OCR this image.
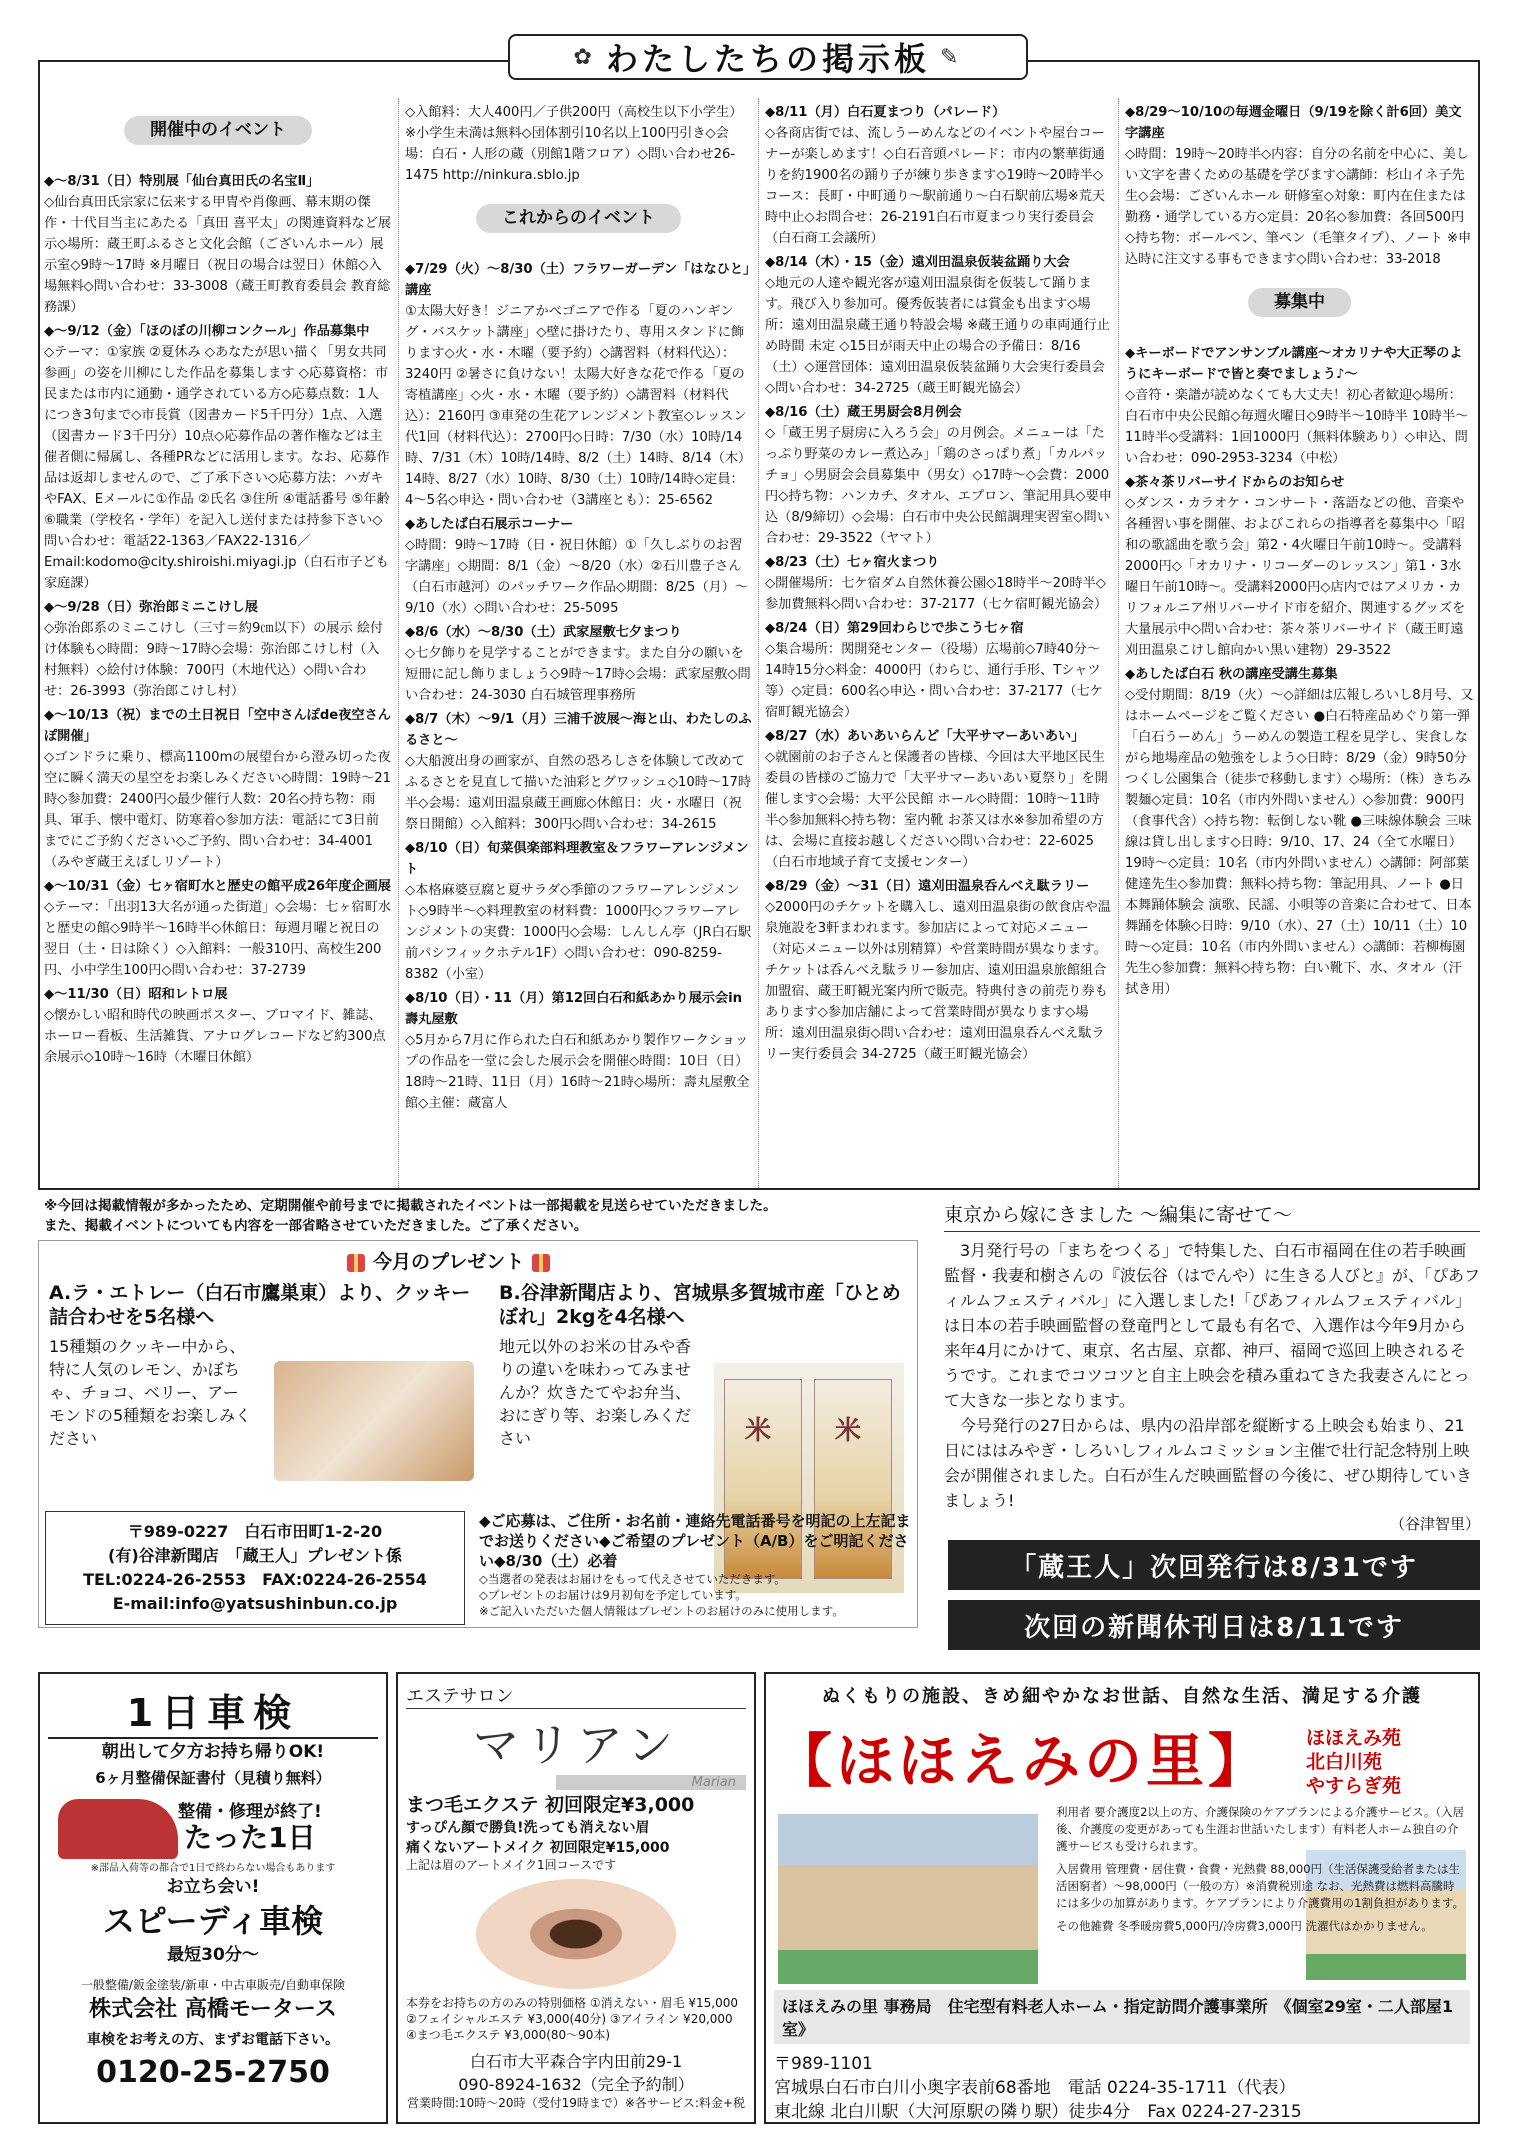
✿ わたしたちの掲示板 ✎
開催中のイベント
◆～8/31（日）特別展「仙台真田氏の名宝Ⅱ」
◇仙台真田氏宗家に伝来する甲冑や肖像画、幕末期の傑作・十代目当主にあたる「真田 喜平太」の関連資料など展示◇場所：蔵王町ふるさと文化会館（ございんホール）展示室◇9時～17時 ※月曜日（祝日の場合は翌日）休館◇入場無料◇問い合わせ：33-3008（蔵王町教育委員会 教育総務課）
◆～9/12（金）「ほのぼの川柳コンクール」作品募集中
◇テーマ：①家族 ②夏休み ◇あなたが思い描く「男女共同参画」の姿を川柳にした作品を募集します ◇応募資格：市民または市内に通勤・通学されている方◇応募点数：1人につき3句まで◇市長賞（図書カード5千円分）1点、入選（図書カード3千円分）10点◇応募作品の著作権などは主催者側に帰属し、各種PRなどに活用します。なお、応募作品は返却しませんので、ご了承下さい◇応募方法：ハガキやFAX、Eメールに①作品 ②氏名 ③住所 ④電話番号 ⑤年齢 ⑥職業（学校名・学年）を記入し送付または持参下さい◇問い合わせ：電話22-1363／FAX22-1316／Email:kodomo@city.shiroishi.miyagi.jp（白石市子ども家庭課）
◆～9/28（日）弥治郎ミニこけし展
◇弥治郎系のミニこけし（三寸＝約9㎝以下）の展示 絵付け体験も◇時間：9時～17時◇会場：弥治郎こけし村（入村無料）◇絵付け体験：700円（木地代込）◇問い合わせ：26-3993（弥治郎こけし村）
◆～10/13（祝）までの土日祝日「空中さんぽde夜空さんぽ開催」
◇ゴンドラに乗り、標高1100mの展望台から澄み切った夜空に瞬く満天の星空をお楽しみください◇時間：19時～21時◇参加費：2400円◇最少催行人数：20名◇持ち物：雨具、軍手、懐中電灯、防寒着◇参加方法：電話にて3日前までにご予約ください◇ご予約、問い合わせ：34-4001（みやぎ蔵王えぼしリゾート）
◆～10/31（金）七ヶ宿町水と歴史の館平成26年度企画展
◇テーマ：「出羽13大名が通った街道」◇会場：七ヶ宿町水と歴史の館◇9時半～16時半◇休館日：毎週月曜と祝日の翌日（土・日は除く）◇入館料：一般310円、高校生200円、小中学生100円◇問い合わせ：37-2739
◆～11/30（日）昭和レトロ展
◇懐かしい昭和時代の映画ポスター、ブロマイド、雑誌、ホーロー看板、生活雑貨、アナログレコードなど約300点余展示◇10時～16時（木曜日休館）
◇入館料：大人400円／子供200円（高校生以下小学生）※小学生未満は無料◇団体割引10名以上100円引き◇会場：白石・人形の蔵（別館1階フロア）◇問い合わせ26-1475 http://ninkura.sblo.jp
これからのイベント
◆7/29（火）～8/30（土）フラワーガーデン「はなひと」講座
①太陽大好き！ジニアかべゴニアで作る「夏のハンギング・バスケット講座」◇壁に掛けたり、専用スタンドに飾ります◇火・水・木曜（要予約）◇講習料（材料代込）：3240円 ②暑さに負けない！太陽大好きな花で作る「夏の寄植講座」◇火・水・木曜（要予約）◇講習料（材料代込）：2160円 ③車発の生花アレンジメント教室◇レッスン代1回（材料代込）：2700円◇日時：7/30（水）10時/14時、7/31（木）10時/14時、8/2（土）14時、8/14（木）14時、8/27（水）10時、8/30（土）10時/14時◇定員：4～5名◇申込・問い合わせ（3講座とも）：25-6562
◆あしたば白石展示コーナー
◇時間：9時～17時（日・祝日休館）①「久しぶりのお習字講座」◇期間：8/1（金）～8/20（水）②石川豊子さん（白石市越河）のパッチワーク作品◇期間：8/25（月）～9/10（水）◇問い合わせ：25-5095
◆8/6（水）～8/30（土）武家屋敷七夕まつり
◇七夕飾りを見学することができます。また自分の願いを短冊に記し飾りましょう◇9時～17時◇会場：武家屋敷◇問い合わせ：24-3030 白石城管理事務所
◆8/7（木）～9/1（月）三浦千波展～海と山、わたしのふるさと～
◇大船渡出身の画家が、自然の恐ろしさを体験して改めてふるさとを見直して描いた油彩とグワッシュ◇10時～17時半◇会場：遠刈田温泉蔵王画廊◇休館日：火・水曜日（祝祭日開館）◇入館料：300円◇問い合わせ：34-2615
◆8/10（日）旬菜倶楽部料理教室＆フラワーアレンジメント
◇本格麻婆豆腐と夏サラダ◇季節のフラワーアレンジメント◇9時半～◇料理教室の材料費：1000円◇フラワーアレンジメントの実費：1000円◇会場：しんしん亭（JR白石駅前パシフィックホテル1F）◇問い合わせ：090-8259-8382（小室）
◆8/10（日）・11（月）第12回白石和紙あかり展示会in壽丸屋敷
◇5月から7月に作られた白石和紙あかり製作ワークショップの作品を一堂に会した展示会を開催◇時間：10日（日）18時～21時、11日（月）16時～21時◇場所：壽丸屋敷全館◇主催：蔵富人
◆8/11（月）白石夏まつり（パレード）
◇各商店街では、流しうーめんなどのイベントや屋台コーナーが楽しめます！◇白石音頭パレード：市内の繁華街通りを約1900名の踊り子が練り歩きます◇19時～20時半◇コース：長町・中町通り～駅前通り～白石駅前広場※荒天時中止◇お問合せ：26-2191白石市夏まつり実行委員会（白石商工会議所）
◆8/14（木）・15（金）遠刈田温泉仮装盆踊り大会
◇地元の人達や観光客が遠刈田温泉街を仮装して踊ります。飛び入り参加可。優秀仮装者には賞金も出ます◇場所：遠刈田温泉蔵王通り特設会場 ※蔵王通りの車両通行止め時間 未定 ◇15日が雨天中止の場合の予備日：8/16（土）◇運営団体：遠刈田温泉仮装盆踊り大会実行委員会◇問い合わせ：34-2725（蔵王町観光協会）
◆8/16（土）蔵王男厨会8月例会
◇「蔵王男子厨房に入ろう会」の月例会。メニューは「たっぷり野菜のカレー煮込み」「鶏のさっぱり煮」「カルパッチョ」◇男厨会会員募集中（男女）◇17時～◇会費：2000円◇持ち物：ハンカチ、タオル、エプロン、筆記用具◇要申込（8/9締切）◇会場：白石市中央公民館調理実習室◇問い合わせ：29-3522（ヤマト）
◆8/23（土）七ヶ宿火まつり
◇開催場所：七ケ宿ダム自然休養公園◇18時半～20時半◇参加費無料◇問い合わせ：37-2177（七ケ宿町観光協会）
◆8/24（日）第29回わらじで歩こう七ヶ宿
◇集合場所：関開発センター（役場）広場前◇7時40分～14時15分◇料金：4000円（わらじ、通行手形、Tシャツ等）◇定員：600名◇申込・問い合わせ：37-2177（七ケ宿町観光協会）
◆8/27（水）あいあいらんど「大平サマーあいあい」
◇就園前のお子さんと保護者の皆様、今回は大平地区民生委員の皆様のご協力で「大平サマーあいあい夏祭り」を開催します◇会場：大平公民館 ホール◇時間：10時～11時半◇参加無料◇持ち物：室内靴 お茶又は水※参加希望の方は、会場に直接お越しください◇問い合わせ：22-6025（白石市地域子育て支援センター）
◆8/29（金）～31（日）遠刈田温泉呑んべえ駄ラリー
◇2000円のチケットを購入し、遠刈田温泉街の飲食店や温泉施設を3軒まわれます。参加店によって対応メニュー（対応メニュー以外は別精算）や営業時間が異なります。チケットは呑んべえ駄ラリー参加店、遠刈田温泉旅館組合加盟宿、蔵王町観光案内所で販売。特典付きの前売り券もあります◇参加店舗によって営業時間が異なります◇場所：遠刈田温泉街◇問い合わせ：遠刈田温泉呑んべえ駄ラリー実行委員会 34-2725（蔵王町観光協会）
◆8/29～10/10の毎週金曜日（9/19を除く計6回）美文字講座
◇時間：19時～20時半◇内容：自分の名前を中心に、美しい文字を書くための基礎を学びます◇講師：杉山イネ子先生◇会場：ございんホール 研修室◇対象：町内在住または勤務・通学している方◇定員：20名◇参加費：各回500円◇持ち物：ボールペン、筆ペン（毛筆タイプ）、ノート ※申込時に注文する事もできます◇問い合わせ：33-2018
募集中
◆キーボードでアンサンブル講座～オカリナや大正琴のようにキーボードで皆と奏でましょう♪～
◇音符・楽譜が読めなくても大丈夫！初心者歓迎◇場所：白石市中央公民館◇毎週火曜日◇9時半～10時半 10時半～11時半◇受講料：1回1000円（無料体験あり）◇申込、問い合わせ：090-2953-3234（中松）
◆茶々茶リバーサイドからのお知らせ
◇ダンス・カラオケ・コンサート・落語などの他、音楽や各種習い事を開催、およびこれらの指導者を募集中◇「昭和の歌謡曲を歌う会」第2・4火曜日午前10時～。受講料2000円◇「オカリナ・リコーダーのレッスン」第1・3水曜日午前10時～。受講料2000円◇店内ではアメリカ・カリフォルニア州リバーサイド市を紹介、関連するグッズを大量展示中◇問い合わせ：茶々茶リバーサイド（蔵王町遠刈田温泉こけし館向かい黒い建物）29-3522
◆あしたば白石 秋の講座受講生募集
◇受付期間：8/19（火）～◇詳細は広報しろいし8月号、又はホームページをご覧ください ●白石特産品めぐり第一弾「白石うーめん」うーめんの製造工程を見学し、実食しながら地場産品の勉強をしよう◇日時：8/29（金）9時50分 つくし公園集合（徒歩で移動します）◇場所：（株）きちみ製麺◇定員：10名（市内外問いません）◇参加費：900円（食事代含）◇持ち物：転倒しない靴 ●三味線体験会 三味線は貸し出します◇日時：9/10、17、24（全て水曜日）19時～◇定員：10名（市内外問いません）◇講師：阿部葉健達先生◇参加費：無料◇持ち物：筆記用具、ノート ●日本舞踊体験会 演歌、民謡、小唄等の音楽に合わせて、日本舞踊を体験◇日時：9/10（水）、27（土）10/11（土）10時～◇定員：10名（市内外問いません）◇講師：若柳梅園先生◇参加費：無料◇持ち物：白い靴下、水、タオル（汗拭き用）
※今回は掲載情報が多かったため、定期開催や前号までに掲載されたイベントは一部掲載を見送らせていただきました。
また、掲載イベントについても内容を一部省略させていただきました。ご了承ください。
今月のプレゼント
A.ラ・エトレー（白石市鷹巣東）より、クッキー詰合わせを5名様へ
15種類のクッキー中から、特に人気のレモン、かぼちゃ、チョコ、ベリー、アーモンドの5種類をお楽しみください
B.谷津新聞店より、宮城県多賀城市産「ひとめぼれ」2kgを4名様へ
地元以外のお米の甘みや香りの違いを味わってみませんか？炊きたてやお弁当、おにぎり等、お楽しみください	米 米
〒989-0227　白石市田町1-2-20
(有)谷津新聞店　「蔵王人」プレゼント係
TEL:0224-26-2553　FAX:0224-26-2554
E-mail:info@yatsushinbun.co.jp
◆ご応募は、ご住所・お名前・連絡先電話番号を明記の上左記までお送りください◆ご希望のプレゼント（A/B）をご明記ください◆8/30（土）必着
◇当選者の発表はお届けをもって代えさせていただきます。
◇プレゼントのお届けは9月初旬を予定しています。
※ご記入いただいた個人情報はプレゼントのお届けのみに使用します。
東京から嫁にきました ～編集に寄せて～

3月発行号の「まちをつくる」で特集した、白石市福岡在住の若手映画監督・我妻和樹さんの『波伝谷（はでんや）に生きる人びと』が、「ぴあフィルムフェスティバル」に入選しました!「ぴあフィルムフェスティバル」は日本の若手映画監督の登竜門として最も有名で、入選作は今年9月から来年4月にかけて、東京、名古屋、京都、神戸、福岡で巡回上映されるそうです。これまでコツコツと自主上映会を積み重ねてきた我妻さんにとって大きな一歩となります。

今号発行の27日からは、県内の沿岸部を縦断する上映会も始まり、21日にははみやぎ・しろいしフィルムコミッション主催で壮行記念特別上映会が開催されました。白石が生んだ映画監督の今後に、ぜひ期待していきましょう!

（谷津智里）
「蔵王人」次回発行は8/31です
次回の新聞休刊日は8/11です
1日車検
朝出して夕方お持ち帰りOK!
6ヶ月整備保証書付（見積り無料）
整備・修理が終了!
たった1日
※部品入荷等の都合で1日で終わらない場合もあります
お立ち会い!
スピーディ車検
最短30分～
一般整備/鈑金塗装/新車・中古車販売/自動車保険
株式会社 高橋モータース
車検をお考えの方、まずお電話下さい。
0120-25-2750
エステサロン
マリアン
Marian
まつ毛エクステ 初回限定¥3,000
すっぴん顔で勝負!洗っても消えない眉
痛くないアートメイク 初回限定¥15,000
上記は眉のアートメイク1回コースです
本券をお持ちの方のみの特別価格 ①消えない・眉毛 ¥15,000 ②フェイシャルエステ ¥3,000(40分) ③アイライン ¥20,000 ④まつ毛エクステ ¥3,000(80～90本)
白石市大平森合字内田前29-1
090-8924-1632（完全予約制）
営業時間:10時～20時（受付19時まで）※各サービス:料金+税
ぬくもりの施設、きめ細やかなお世話、自然な生活、満足する介護
【ほほえみの里】	ほほえみ苑
北白川苑
やすらぎ苑
利用者 要介護度2以上の方、介護保険のケアプランによる介護サービス。（入居後、介護度の変更があっても生涯お世話いたします）有料老人ホーム独自の介護サービスも受けられます。
入居費用 管理費・居住費・食費・光熱費 88,000円（生活保護受給者または生活困窮者）～98,000円（一般の方）※消費税別途 なお、光熱費は燃料高騰時には多少の加算があります。ケアプランにより介護費用の1割負担があります。
その他雑費 冬季暖房費5,000円/冷房費3,000円 洗濯代はかかりません。
ほほえみの里 事務局　住宅型有料老人ホーム・指定訪問介護事業所　《個室29室・二人部屋1室》
〒989-1101
宮城県白石市白川小奥字表前68番地　電話 0224-35-1711（代表）
東北線 北白川駅（大河原駅の隣り駅）徒歩4分　Fax 0224-27-2315
